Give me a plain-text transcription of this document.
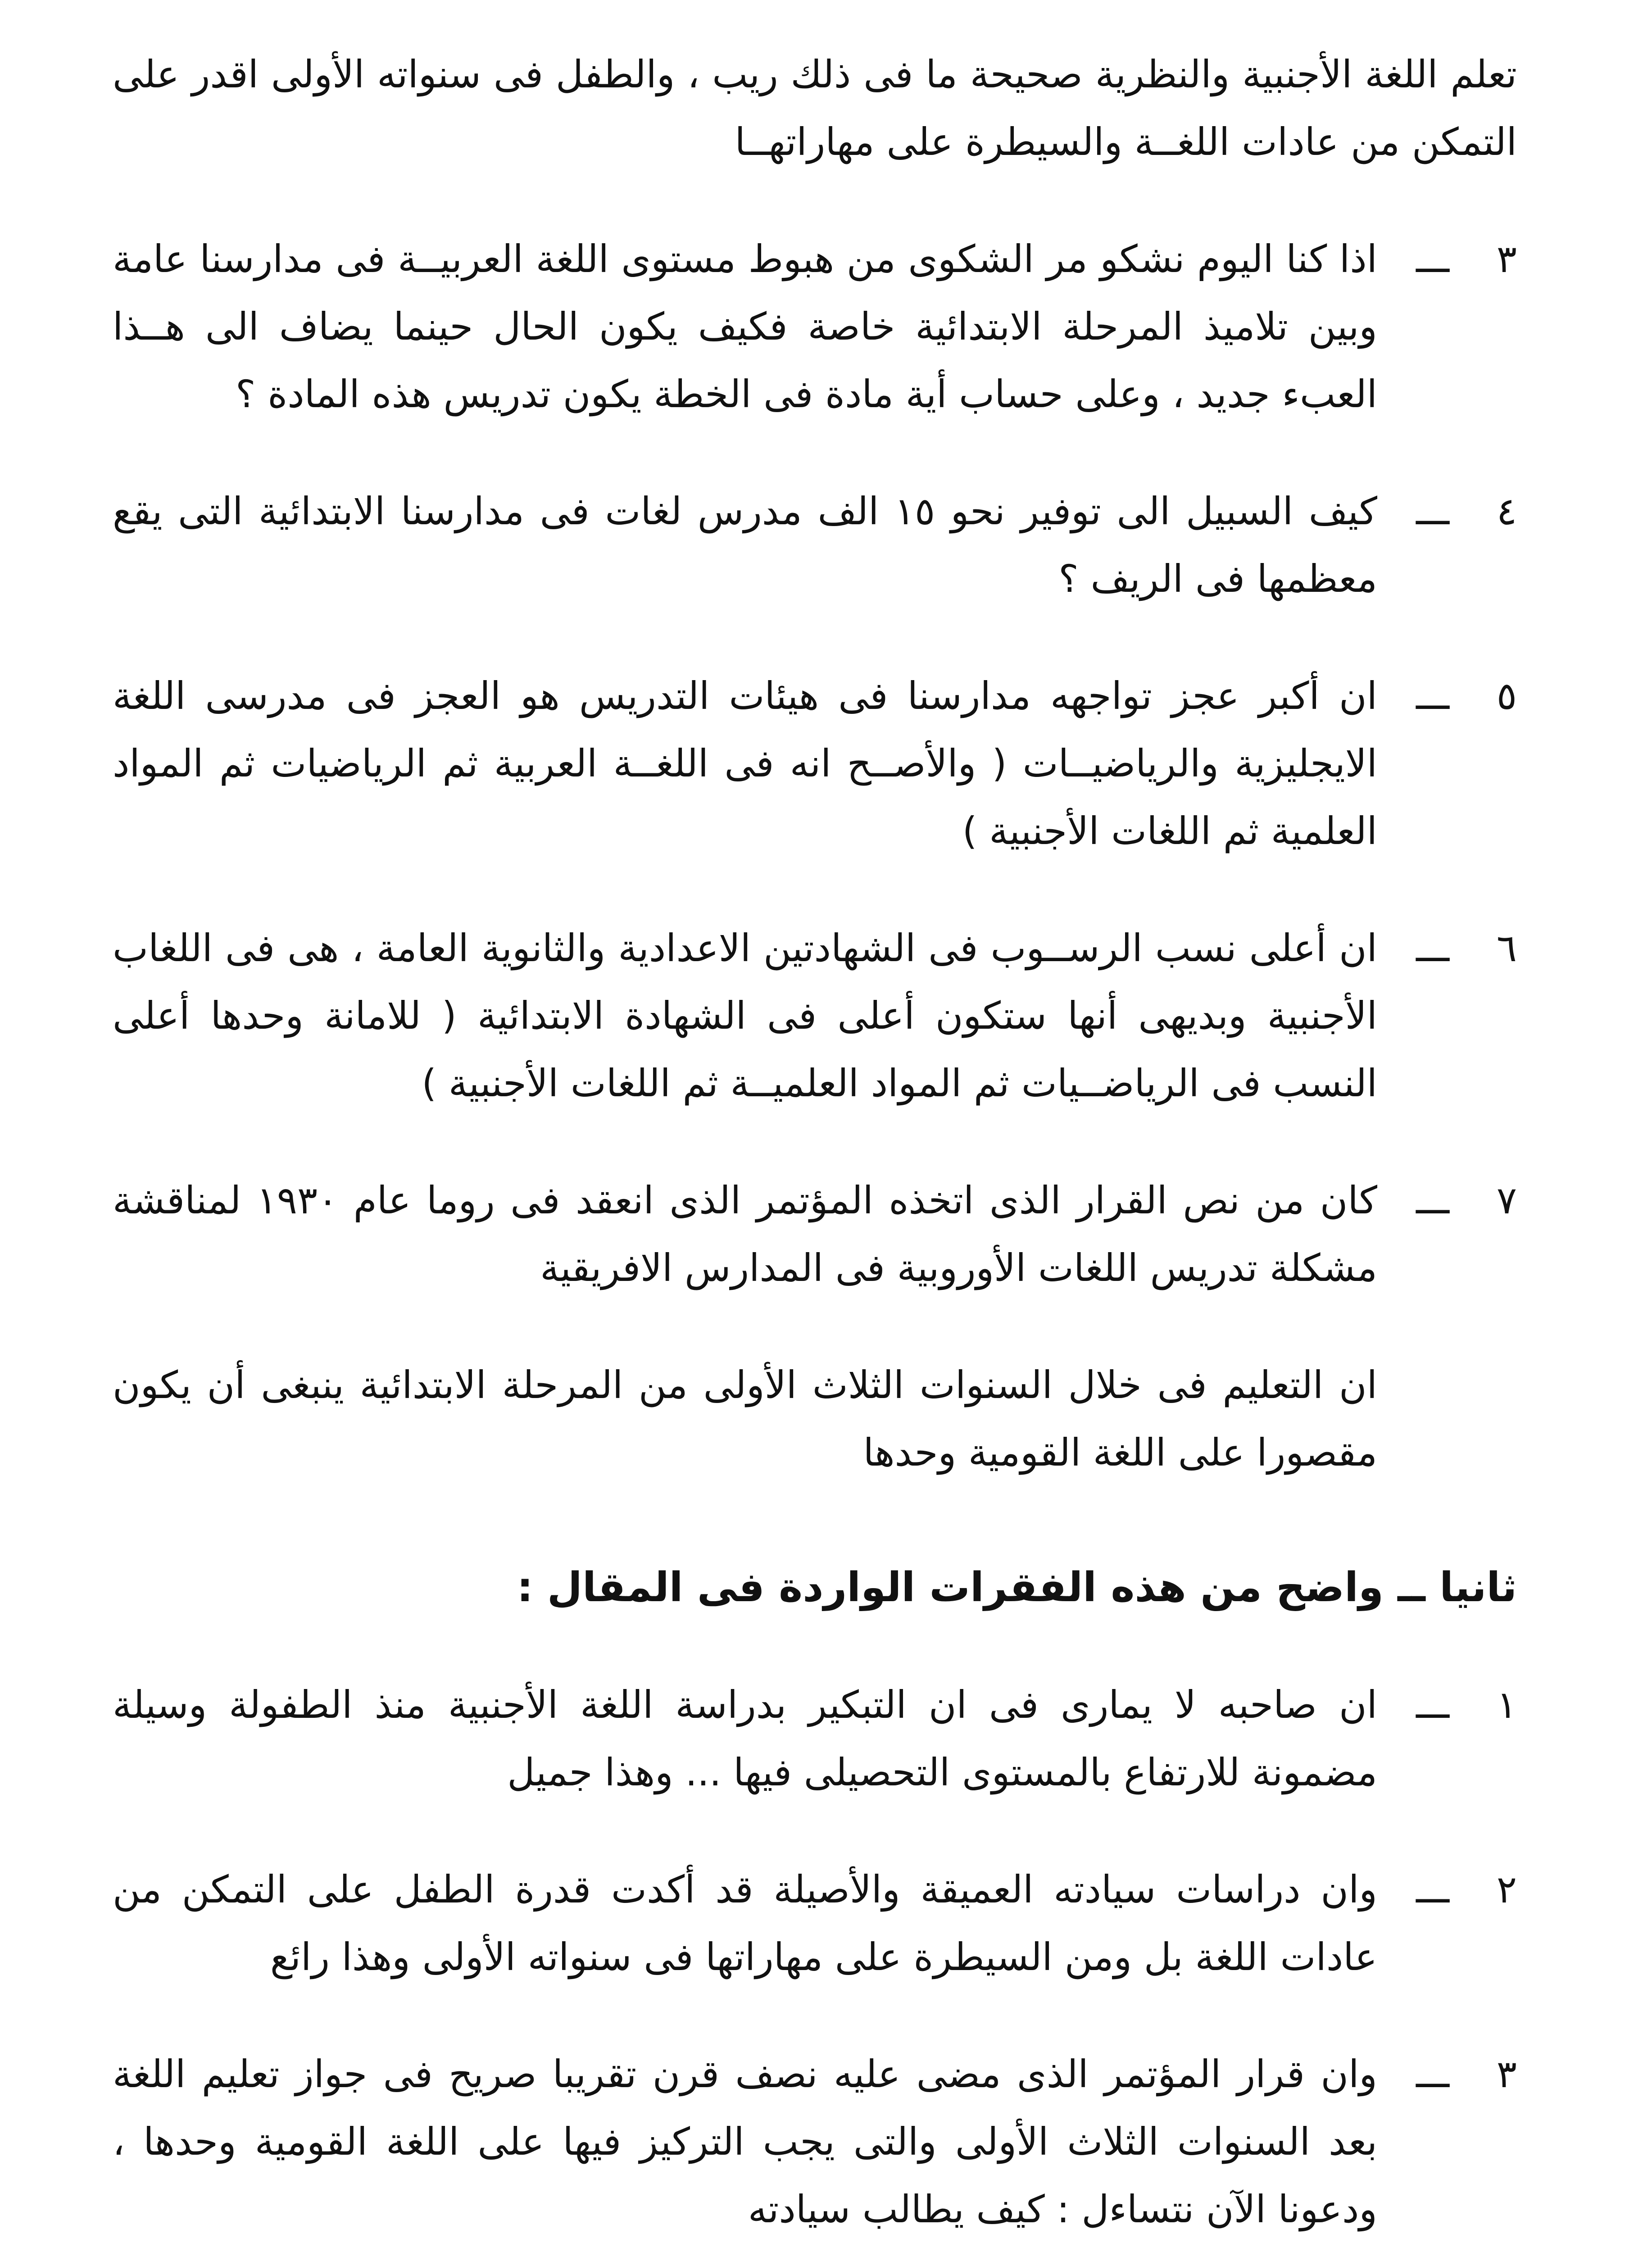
تعلم اللغة الأجنبية والنظرية صحيحة ما فى ذلك ريب ، والطفل فى سنواته الأولى اقدر على التمكن من عادات اللغــة والسيطرة على مهاراتهــا

٣ـــ

اذا كنا اليوم نشكو مر الشكوى من هبوط مستوى اللغة العربيــة فى مدارسنا عامة وبين تلاميذ المرحلة الابتدائية خاصة فكيف يكون الحال حينما يضاف الى هــذا العبء جديد ، وعلى حساب أية مادة فى الخطة يكون تدريس هذه المادة ؟

٤ـــ

كيف السبيل الى توفير نحو ١٥ الف مدرس لغات فى مدارسنا الابتدائية التى يقع معظمها فى الريف ؟

٥ـــ

ان أكبر عجز تواجهه مدارسنا فى هيئات التدريس هو العجز فى مدرسى اللغة الايجليزية والرياضيــات ( والأصــح انه فى اللغــة العربية ثم الرياضيات ثم المواد العلمية ثم اللغات الأجنبية )

٦ـــ

ان أعلى نسب الرســوب فى الشهادتين الاعدادية والثانوية العامة ، هى فى اللغاب الأجنبية وبديهى أنها ستكون أعلى فى الشهادة الابتدائية ( للامانة وحدها أعلى النسب فى الرياضــيات ثم المواد العلميــة ثم اللغات الأجنبية )

٧ـــ

كان من نص القرار الذى اتخذه المؤتمر الذى انعقد فى روما عام ١٩٣٠ لمناقشة مشكلة تدريس اللغات الأوروبية فى المدارس الافريقية

ان التعليم فى خلال السنوات الثلاث الأولى من المرحلة الابتدائية ينبغى أن يكون مقصورا على اللغة القومية وحدها

ثانيا ــ واضح من هذه الفقرات الواردة فى المقال :
١ـــ

ان صاحبه لا يمارى فى ان التبكير بدراسة اللغة الأجنبية منذ الطفولة وسيلة مضمونة للارتفاع بالمستوى التحصيلى فيها ... وهذا جميل

٢ـــ

وان دراسات سيادته العميقة والأصيلة قد أكدت قدرة الطفل على التمكن من عادات اللغة بل ومن السيطرة على مهاراتها فى سنواته الأولى وهذا رائع

٣ـــ

وان قرار المؤتمر الذى مضى عليه نصف قرن تقريبا صريح فى جواز تعليم اللغة بعد السنوات الثلاث الأولى والتى يجب التركيز فيها على اللغة القومية وحدها ، ودعونا الآن نتساءل : كيف يطالب سيادته
